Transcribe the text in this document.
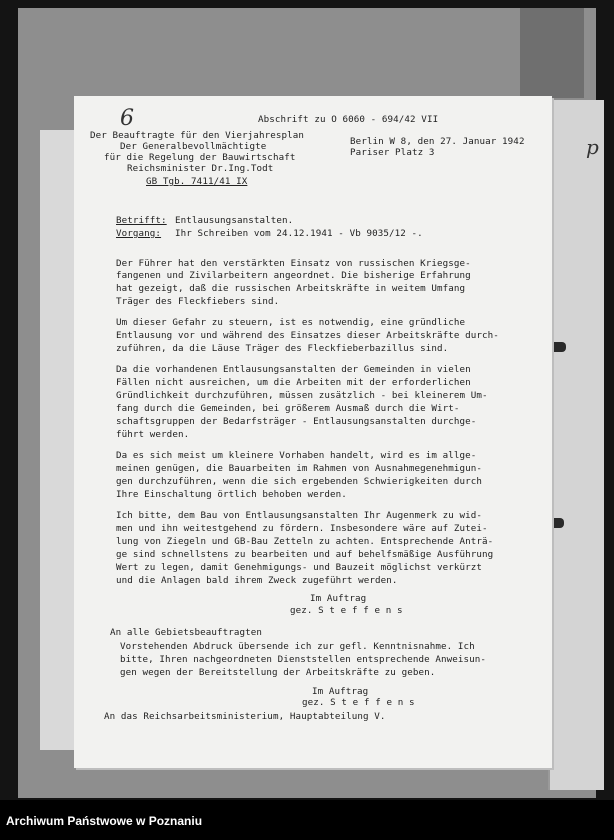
p
6	Abschrift zu O 6060 - 694/42 VII
Der Beauftragte für den Vierjahresplan
Der Generalbevollmächtigte
für die Regelung der Bauwirtschaft
Reichsminister Dr.Ing.Todt
GB Tgb. 7411/41 IX
Berlin W 8, den 27. Januar 1942
Pariser Platz 3
Betrifft: Entlausungsanstalten.
Vorgang: Ihr Schreiben vom 24.12.1941 - Vb 9035/12 -.
Der Führer hat den verstärkten Einsatz von russischen Kriegsge-
fangenen und Zivilarbeitern angeordnet. Die bisherige Erfahrung
hat gezeigt, daß die russischen Arbeitskräfte in weitem Umfang
Träger des Fleckfiebers sind.
Um dieser Gefahr zu steuern, ist es notwendig, eine gründliche
Entlausung vor und während des Einsatzes dieser Arbeitskräfte durch-
zuführen, da die Läuse Träger des Fleckfieberbazillus sind.
Da die vorhandenen Entlausungsanstalten der Gemeinden in vielen
Fällen nicht ausreichen, um die Arbeiten mit der erforderlichen
Gründlichkeit durchzuführen, müssen zusätzlich - bei kleinerem Um-
fang durch die Gemeinden, bei größerem Ausmaß durch die Wirt-
schaftsgruppen der Bedarfsträger - Entlausungsanstalten durchge-
führt werden.
Da es sich meist um kleinere Vorhaben handelt, wird es im allge-
meinen genügen, die Bauarbeiten im Rahmen von Ausnahmegenehmigun-
gen durchzuführen, wenn die sich ergebenden Schwierigkeiten durch
Ihre Einschaltung örtlich behoben werden.
Ich bitte, dem Bau von Entlausungsanstalten Ihr Augenmerk zu wid-
men und ihn weitestgehend zu fördern. Insbesondere wäre auf Zutei-
lung von Ziegeln und GB-Bau Zetteln zu achten. Entsprechende Anträ-
ge sind schnellstens zu bearbeiten und auf behelfsmäßige Ausführung
Wert zu legen, damit Genehmigungs- und Bauzeit möglichst verkürzt
und die Anlagen bald ihrem Zweck zugeführt werden.
Im Auftrag
gez. S t e f f e n s
An alle Gebietsbeauftragten
Vorstehenden Abdruck übersende ich zur gefl. Kenntnisnahme. Ich
bitte, Ihren nachgeordneten Dienststellen entsprechende Anweisun-
gen wegen der Bereitstellung der Arbeitskräfte zu geben.
Im Auftrag
gez. S t e f f e n s
An das Reichsarbeitsministerium, Hauptabteilung V.
Archiwum Państwowe w Poznaniu
